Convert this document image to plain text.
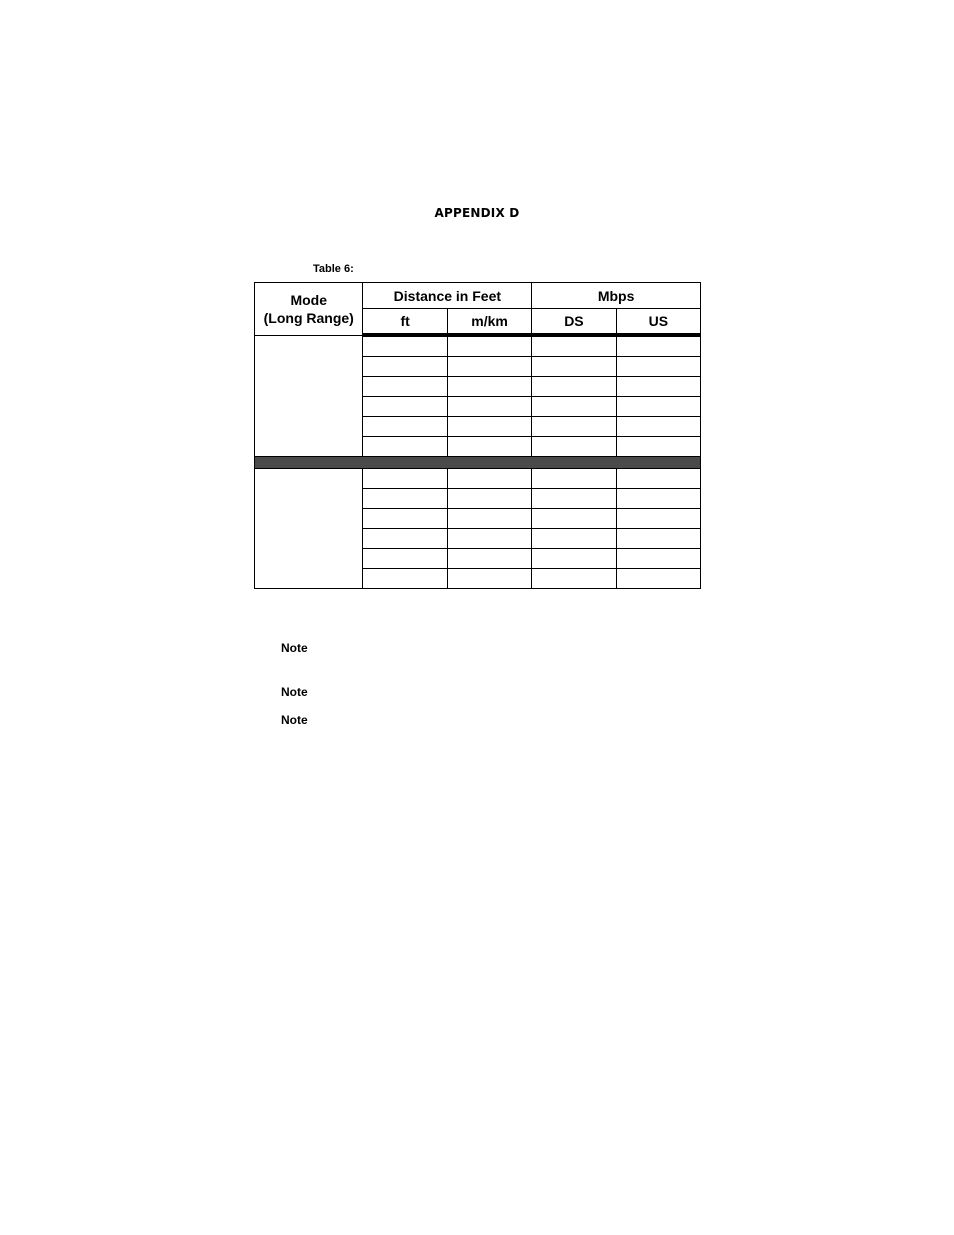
APPENDIX D
Table 6:
Mode
(Long Range)	Distance in Feet		Mbps	
	ft	m/km	DS	US

Note
Note
Note
